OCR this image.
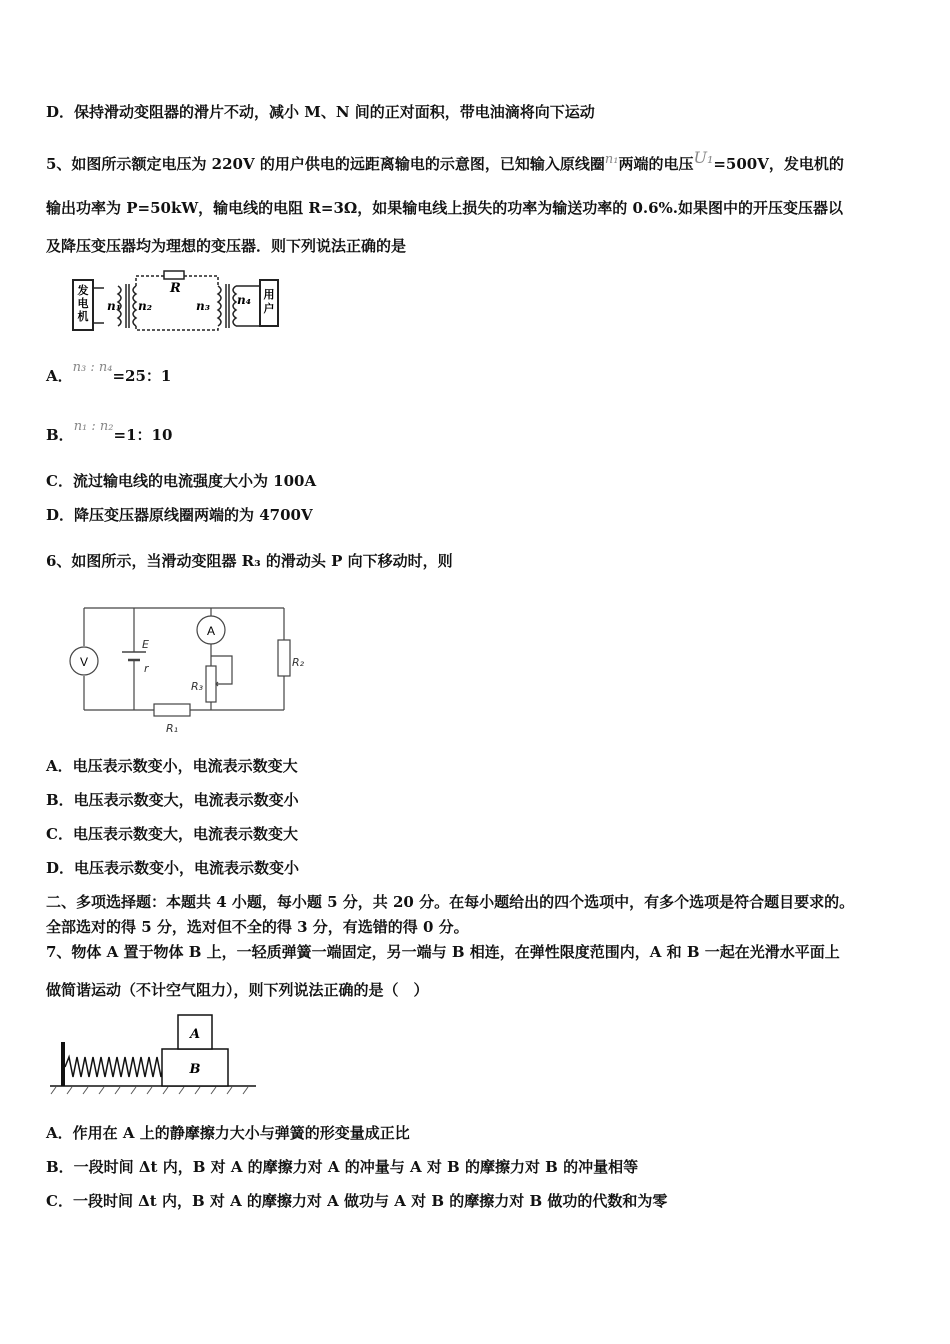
D．保持滑动变阻器的滑片不动，减小 M、N 间的正对面积，带电油滴将向下运动
5、如图所示额定电压为 220V 的用户供电的远距离输电的示意图，已知输入原线圈$^{n_1}$两端的电压$^{U_1}$=500V，发电机的
输出功率为 P=50kW，输电线的电阻 R=3Ω，如果输电线上损失的功率为输送功率的 0.6%.如果图中的开压变压器以
及降压变压器均为理想的变压器．则下列说法正确的是
发电机
n₁ n₂
R
n₃ n₄ 用户
A．n₃ : n₄=25：1
B．n₁ : n₂=1：10
C．流过输电线的电流强度大小为 100A
D．降压变压器原线圈两端的为 4700V
6、如图所示，当滑动变阻器 R₃ 的滑动头 P 向下移动时，则
V
A
E
r
R₃
R₂
R₁
A．电压表示数变小，电流表示数变大
B．电压表示数变大，电流表示数变小
C．电压表示数变大，电流表示数变大
D．电压表示数变小，电流表示数变小
二、多项选择题：本题共 4 小题，每小题 5 分，共 20 分。在每小题给出的四个选项中，有多个选项是符合题目要求的。
全部选对的得 5 分，选对但不全的得 3 分，有选错的得 0 分。
7、物体 A 置于物体 B 上，一轻质弹簧一端固定，另一端与 B 相连，在弹性限度范围内，A 和 B 一起在光滑水平面上
做简谐运动（不计空气阻力），则下列说法正确的是（　）
A
B
A．作用在 A 上的静摩擦力大小与弹簧的形变量成正比
B．一段时间 Δt 内，B 对 A 的摩擦力对 A 的冲量与 A 对 B 的摩擦力对 B 的冲量相等
C．一段时间 Δt 内，B 对 A 的摩擦力对 A 做功与 A 对 B 的摩擦力对 B 做功的代数和为零
